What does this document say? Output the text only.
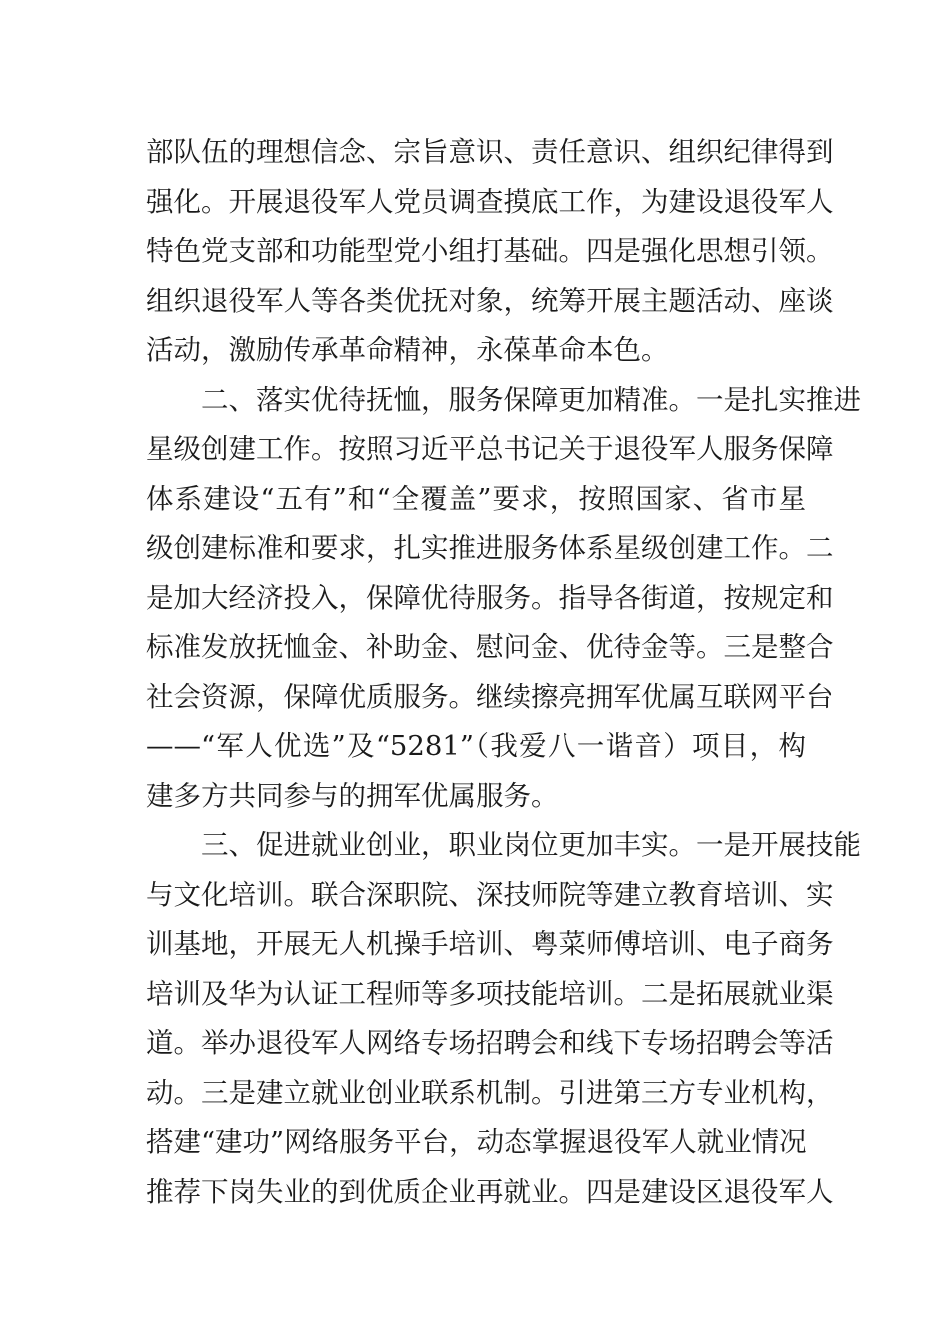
部队伍的理想信念、宗旨意识、责任意识、组织纪律得到
强化。开展退役军人党员调查摸底工作，为建设退役军人
特色党支部和功能型党小组打基础。四是强化思想引领。
组织退役军人等各类优抚对象，统筹开展主题活动、座谈
活动，激励传承革命精神，永葆革命本色。
　　二、落实优待抚恤，服务保障更加精准。一是扎实推进
星级创建工作。按照习近平总书记关于退役军人服务保障
体系建设“五有”和“全覆盖”要求，按照国家、省市星
级创建标准和要求，扎实推进服务体系星级创建工作。二
是加大经济投入，保障优待服务。指导各街道，按规定和
标准发放抚恤金、补助金、慰问金、优待金等。三是整合
社会资源，保障优质服务。继续擦亮拥军优属互联网平台
——“军人优选”及“5281”（我爱八一谐音）项目，构
建多方共同参与的拥军优属服务。
　　三、促进就业创业，职业岗位更加丰实。一是开展技能
与文化培训。联合深职院、深技师院等建立教育培训、实
训基地，开展无人机操手培训、粤菜师傅培训、电子商务
培训及华为认证工程师等多项技能培训。二是拓展就业渠
道。举办退役军人网络专场招聘会和线下专场招聘会等活
动。三是建立就业创业联系机制。引进第三方专业机构，
搭建“建功”网络服务平台，动态掌握退役军人就业情况
推荐下岗失业的到优质企业再就业。四是建设区退役军人
